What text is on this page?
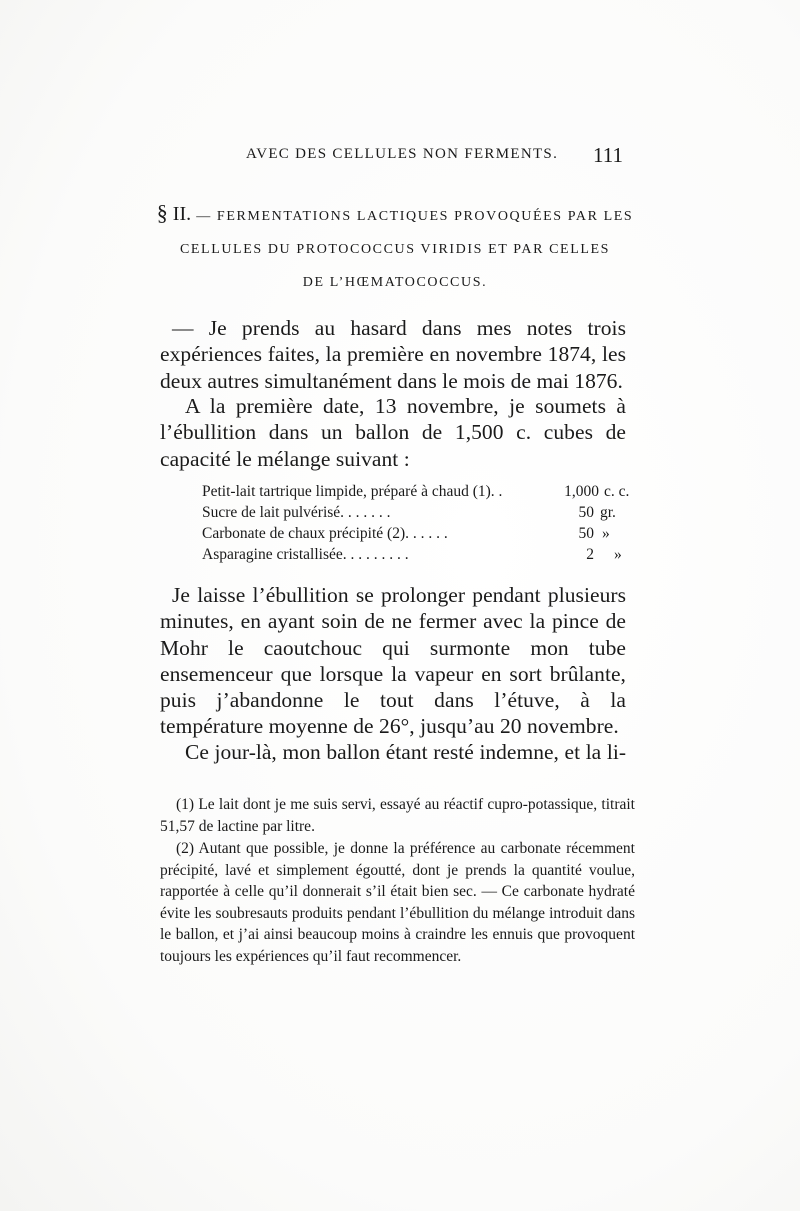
AVEC DES CELLULES NON FERMENTS. 111
§ II. — FERMENTATIONS LACTIQUES PROVOQUÉES PAR LES
CELLULES DU PROTOCOCCUS VIRIDIS ET PAR CELLES
DE L’HŒMATOCOCCUS.

— Je prends au hasard dans mes notes trois expériences faites, la première en novembre 1874, les deux autres simultanément dans le mois de mai 1876.

A la première date, 13 novembre, je soumets à l’ébullition dans un ballon de 1,500 c. cubes de capacité le mélange suivant :

Petit-lait tartrique limpide, préparé à chaud (1). .	1,000 c. c.
Sucre de lait pulvérisé. . . . . . .	50 gr.
Carbonate de chaux précipité (2). . . . . .	50 »
Asparagine cristallisée. . . . . . . . .	2 »

Je laisse l’ébullition se prolonger pendant plusieurs minutes, en ayant soin de ne fermer avec la pince de Mohr le caoutchouc qui surmonte mon tube ensemenceur que lorsque la vapeur en sort brûlante, puis j’abandonne le tout dans l’étuve, à la température moyenne de 26°, jusqu’au 20 novembre.

Ce jour-là, mon ballon étant resté indemne, et la li-

(1) Le lait dont je me suis servi, essayé au réactif cupro-potassique, titrait 51,57 de lactine par litre.

(2) Autant que possible, je donne la préférence au carbonate récemment précipité, lavé et simplement égoutté, dont je prends la quantité voulue, rapportée à celle qu’il donnerait s’il était bien sec. — Ce carbonate hydraté évite les soubresauts produits pendant l’ébullition du mélange introduit dans le ballon, et j’ai ainsi beaucoup moins à craindre les ennuis que provoquent toujours les expériences qu’il faut recommencer.
